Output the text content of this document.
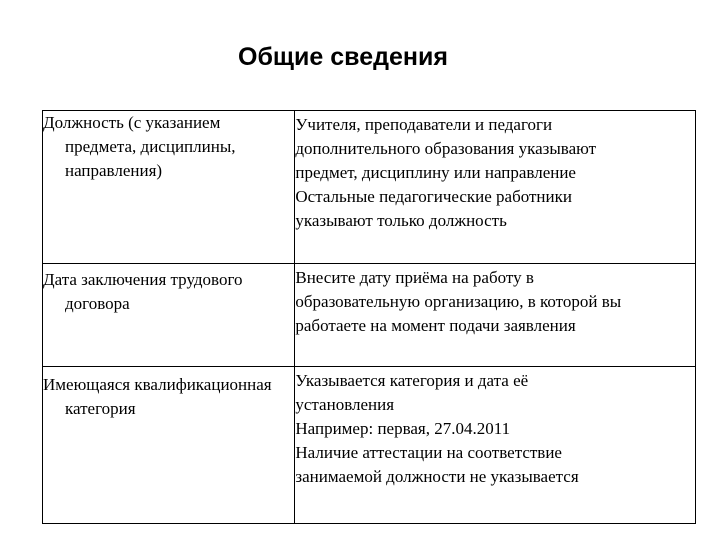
Общие сведения
Должность (с указанием предмета, дисциплины, направления)	Учителя, преподаватели и педагоги
дополнительного образования указывают
предмет, дисциплину или направление
Остальные педагогические работники
указывают только должность

Дата заключения трудового договора	Внесите дату приёма на работу в
образовательную организацию, в которой вы
работаете на момент подачи заявления

Имеющаяся квалификационная категория	Указывается категория и дата её
установления
Например: первая, 27.04.2011
Наличие аттестации на соответствие
занимаемой должности не указывается
